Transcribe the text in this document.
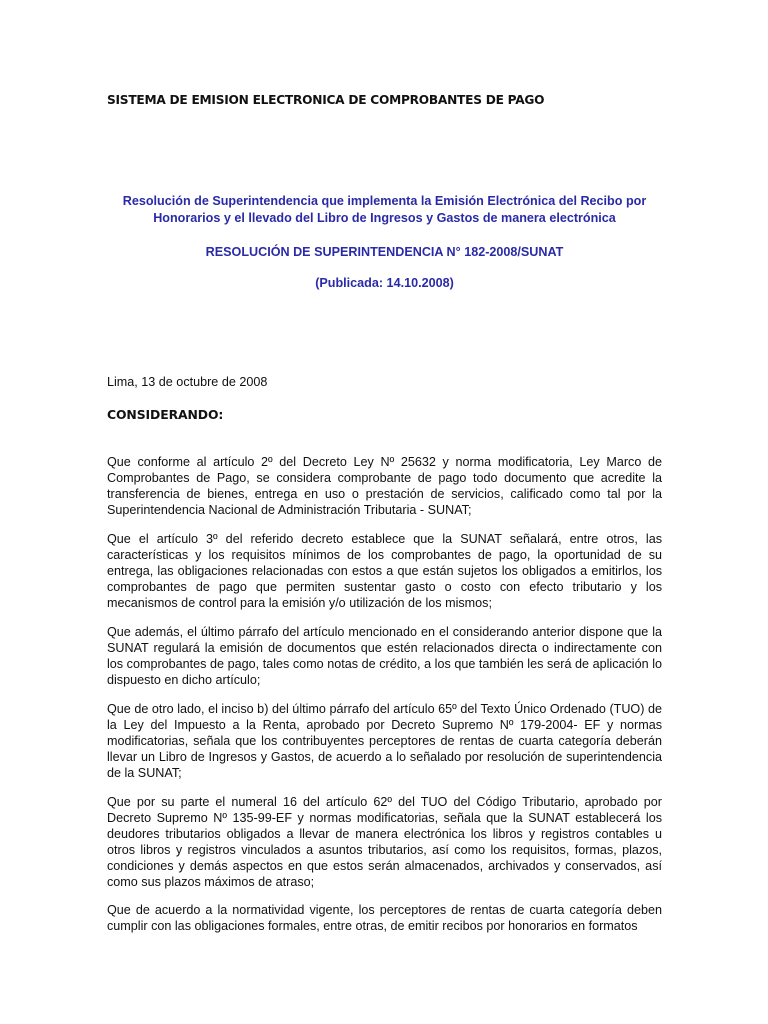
SISTEMA DE EMISION ELECTRONICA DE COMPROBANTES DE PAGO
Resolución de Superintendencia que implementa la Emisión Electrónica del Recibo por Honorarios y el llevado del Libro de Ingresos y Gastos de manera electrónica
RESOLUCIÓN DE SUPERINTENDENCIA N° 182-2008/SUNAT
(Publicada: 14.10.2008)
Lima, 13 de octubre de 2008
CONSIDERANDO:

Que conforme al artículo 2º del Decreto Ley Nº 25632 y norma modificatoria, Ley Marco de Comprobantes de Pago, se considera comprobante de pago todo documento que acredite la transferencia de bienes, entrega en uso o prestación de servicios, calificado como tal por la Superintendencia Nacional de Administración Tributaria - SUNAT;

Que el artículo 3º del referido decreto establece que la SUNAT señalará, entre otros, las características y los requisitos mínimos de los comprobantes de pago, la oportunidad de su entrega, las obligaciones relacionadas con estos a que están sujetos los obligados a emitirlos, los comprobantes de pago que permiten sustentar gasto o costo con efecto tributario y los mecanismos de control para la emisión y/o utilización de los mismos;

Que además, el último párrafo del artículo mencionado en el considerando anterior dispone que la SUNAT regulará la emisión de documentos que estén relacionados directa o indirectamente con los comprobantes de pago, tales como notas de crédito, a los que también les será de aplicación lo dispuesto en dicho artículo;

Que de otro lado, el inciso b) del último párrafo del artículo 65º del Texto Único Ordenado (TUO) de la Ley del Impuesto a la Renta, aprobado por Decreto Supremo Nº 179-2004- EF y normas modificatorias, señala que los contribuyentes perceptores de rentas de cuarta categoría deberán llevar un Libro de Ingresos y Gastos, de acuerdo a lo señalado por resolución de superintendencia de la SUNAT;

Que por su parte el numeral 16 del artículo 62º del TUO del Código Tributario, aprobado por Decreto Supremo Nº 135-99-EF y normas modificatorias, señala que la SUNAT establecerá los deudores tributarios obligados a llevar de manera electrónica los libros y registros contables u otros libros y registros vinculados a asuntos tributarios, así como los requisitos, formas, plazos, condiciones y demás aspectos en que estos serán almacenados, archivados y conservados, así como sus plazos máximos de atraso;

Que de acuerdo a la normatividad vigente, los perceptores de rentas de cuarta categoría deben cumplir con las obligaciones formales, entre otras, de emitir recibos por honorarios en formatos
